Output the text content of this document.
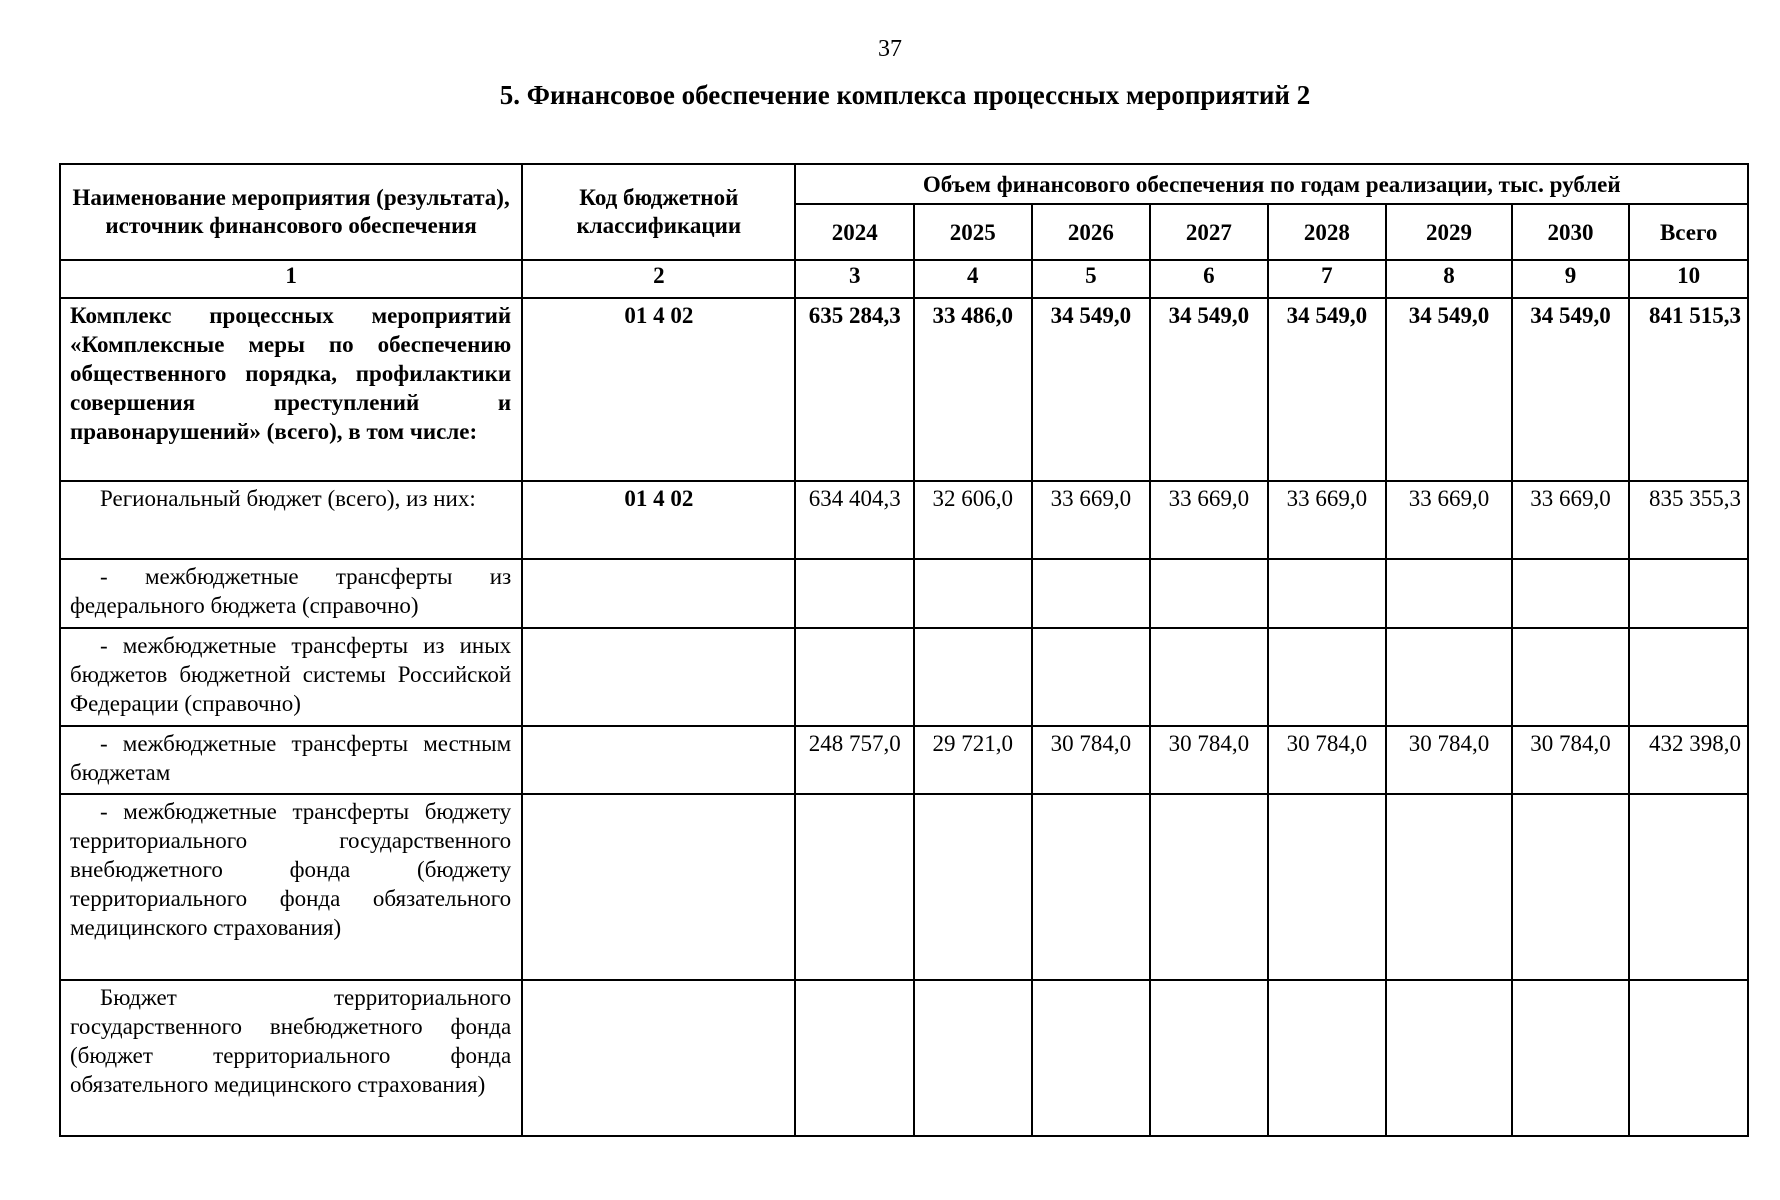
37
5. Финансовое обеспечение комплекса процессных мероприятий 2
Наименование мероприятия (результата), источник финансового обеспечения	Код бюджетной классификации	Объем финансового обеспечения по годам реализации, тыс. рублей							
		2024	2025	2026	2027	2028	2029	2030	Всего
1	2	3	4	5	6	7	8	9	10
Комплекс процессных мероприятий «Комплексные меры по обеспечению общественного порядка, профилактики совершения преступлений и правонарушений» (всего), в том числе:	01 4 02	635 284,3	33 486,0	34 549,0	34 549,0	34 549,0	34 549,0	34 549,0	841 515,3
Региональный бюджет (всего), из них:	01 4 02	634 404,3	32 606,0	33 669,0	33 669,0	33 669,0	33 669,0	33 669,0	835 355,3
- межбюджетные трансферты из федерального бюджета (справочно)									
- межбюджетные трансферты из иных бюджетов бюджетной системы Российской Федерации (справочно)									
- межбюджетные трансферты местным бюджетам		248 757,0	29 721,0	30 784,0	30 784,0	30 784,0	30 784,0	30 784,0	432 398,0
- межбюджетные трансферты бюджету территориального государственного внебюджетного фонда (бюджету территориального фонда обязательного медицинского страхования)									
Бюджет территориального государственного внебюджетного фонда (бюджет территориального фонда обязательного медицинского страхования)									
